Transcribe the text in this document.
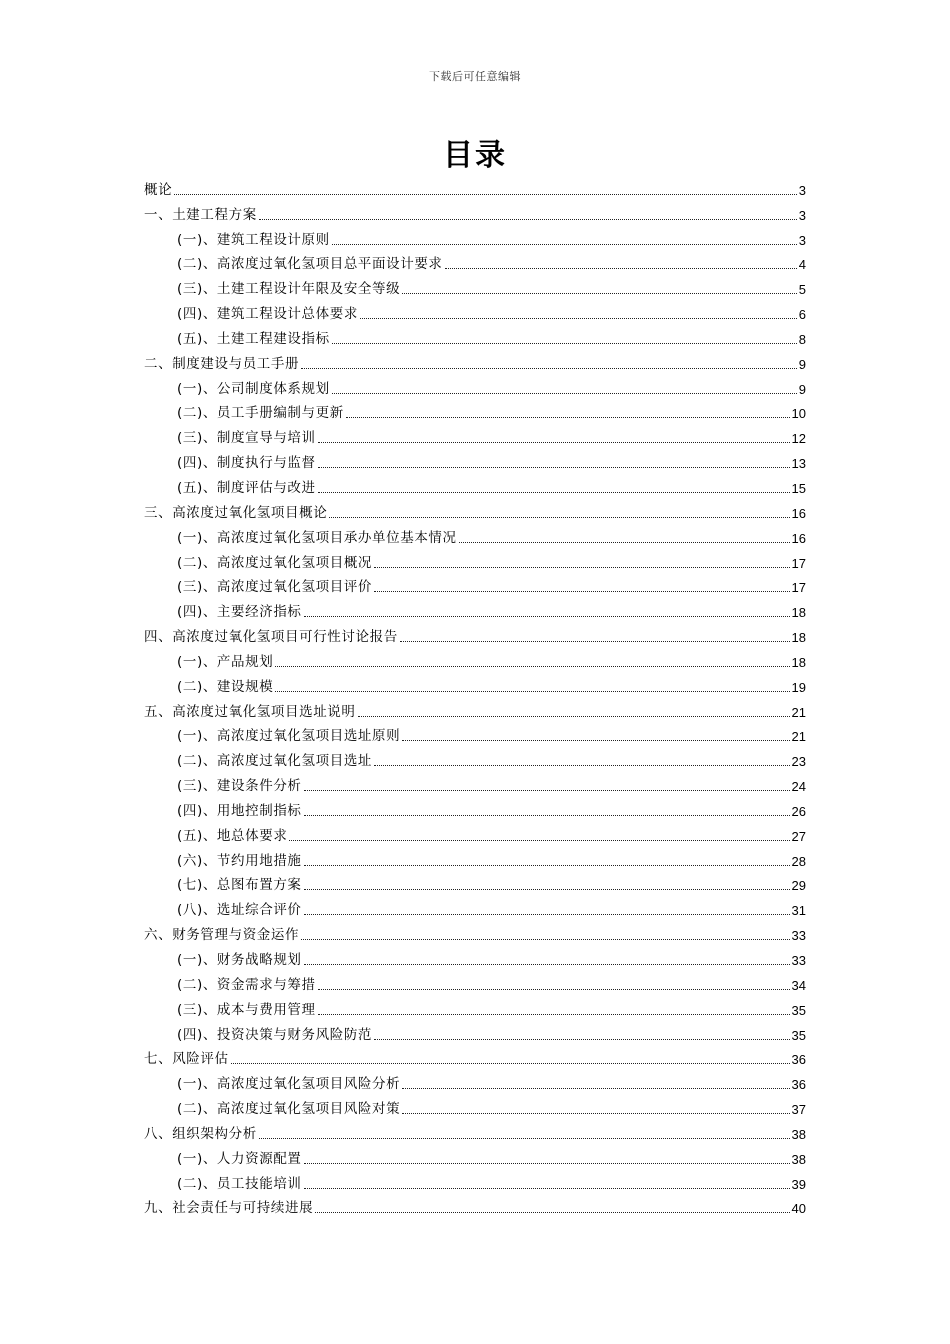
下载后可任意编辑
目录
概论	3
一、土建工程方案	3
(一)、建筑工程设计原则	3
(二)、高浓度过氧化氢项目总平面设计要求	4
(三)、土建工程设计年限及安全等级	5
(四)、建筑工程设计总体要求	6
(五)、土建工程建设指标	8
二、制度建设与员工手册	9
(一)、公司制度体系规划	9
(二)、员工手册编制与更新	10
(三)、制度宣导与培训	12
(四)、制度执行与监督	13
(五)、制度评估与改进	15
三、高浓度过氧化氢项目概论	16
(一)、高浓度过氧化氢项目承办单位基本情况	16
(二)、高浓度过氧化氢项目概况	17
(三)、高浓度过氧化氢项目评价	17
(四)、主要经济指标	18
四、高浓度过氧化氢项目可行性讨论报告	18
(一)、产品规划	18
(二)、建设规模	19
五、高浓度过氧化氢项目选址说明	21
(一)、高浓度过氧化氢项目选址原则	21
(二)、高浓度过氧化氢项目选址	23
(三)、建设条件分析	24
(四)、用地控制指标	26
(五)、地总体要求	27
(六)、节约用地措施	28
(七)、总图布置方案	29
(八)、选址综合评价	31
六、财务管理与资金运作	33
(一)、财务战略规划	33
(二)、资金需求与筹措	34
(三)、成本与费用管理	35
(四)、投资决策与财务风险防范	35
七、风险评估	36
(一)、高浓度过氧化氢项目风险分析	36
(二)、高浓度过氧化氢项目风险对策	37
八、组织架构分析	38
(一)、人力资源配置	38
(二)、员工技能培训	39
九、社会责任与可持续进展	40
